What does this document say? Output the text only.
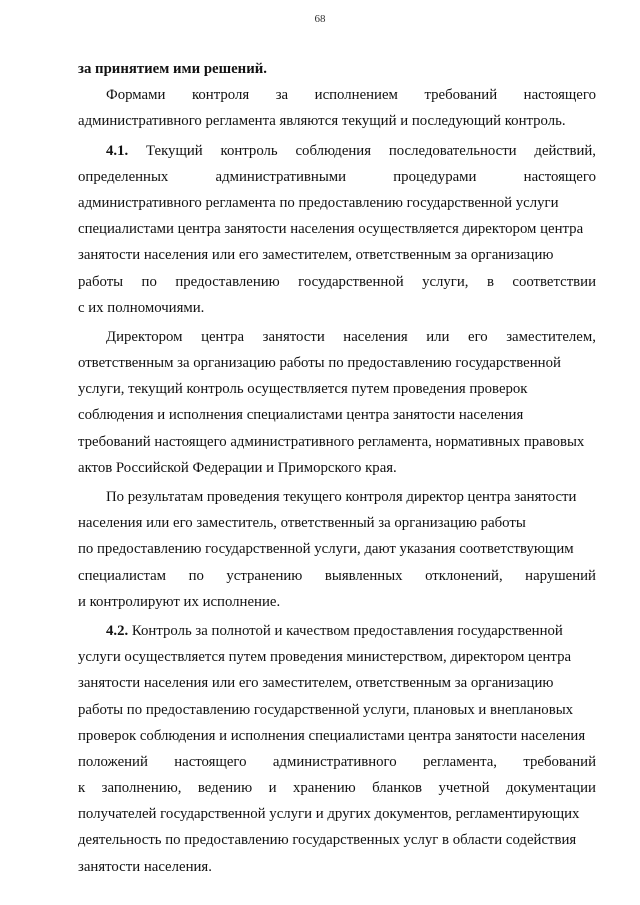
68
за принятием ими решений.
Формами контроля за исполнением требований настоящего
административного регламента являются текущий и последующий контроль.
4.1. Текущий контроль соблюдения последовательности действий,
определенных	административными	процедурами	настоящего
административного регламента по предоставлению государственной услуги
специалистами центра занятости населения осуществляется директором центра
занятости населения или его заместителем, ответственным за организацию
работы по предоставлению государственной услуги, в соответствии
с их полномочиями.
Директором центра занятости населения или его заместителем,
ответственным за организацию работы по предоставлению государственной
услуги, текущий контроль осуществляется путем проведения проверок
соблюдения и исполнения специалистами центра занятости населения
требований настоящего административного регламента, нормативных правовых
актов Российской Федерации и Приморского края.
По результатам проведения текущего контроля директор центра занятости
населения или его заместитель, ответственный за организацию работы
по предоставлению государственной услуги, дают указания соответствующим
специалистам по устранению выявленных отклонений, нарушений
и контролируют их исполнение.
4.2. Контроль за полнотой и качеством предоставления государственной
услуги осуществляется путем проведения министерством, директором центра
занятости населения или его заместителем, ответственным за организацию
работы по предоставлению государственной услуги, плановых и внеплановых
проверок соблюдения и исполнения специалистами центра занятости населения
положений настоящего административного регламента, требований
к заполнению, ведению и хранению бланков учетной документации
получателей государственной услуги и других документов, регламентирующих
деятельность по предоставлению государственных услуг в области содействия
занятости населения.
